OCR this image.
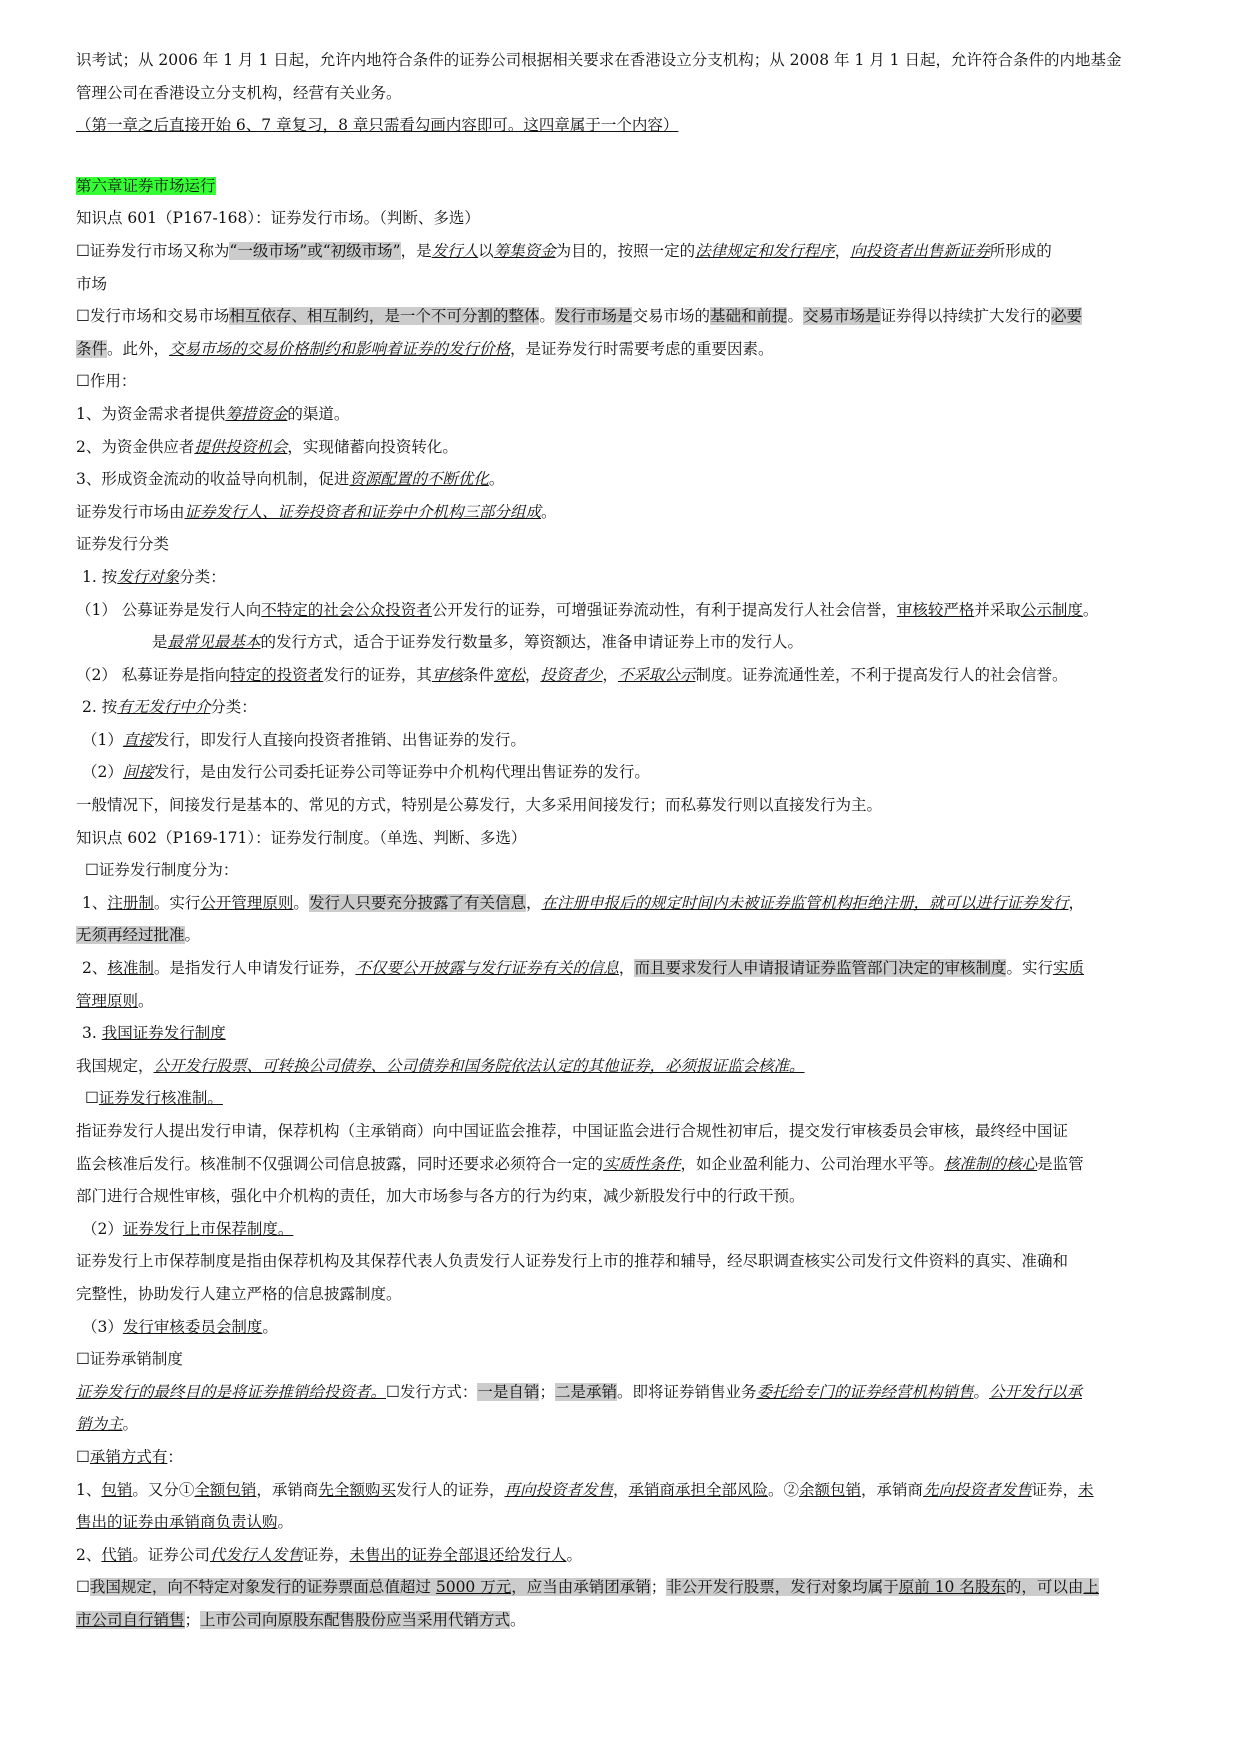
识考试；从 2006 年 1 月 1 日起，允许内地符合条件的证券公司根据相关要求在香港设立分支机构；从 2008 年 1 月 1 日起，允许符合条件的内地基金
管理公司在香港设立分支机构，经营有关业务。
（第一章之后直接开始 6、7 章复习，8 章只需看勾画内容即可。这四章属于一个内容）
第六章证券市场运行
知识点 601（P167-168）：证券发行市场。（判断、多选）
☐证券发行市场又称为“一级市场”或“初级市场”，是发行人以筹集资金为目的，按照一定的法律规定和发行程序，向投资者出售新证券所形成的
市场
☐发行市场和交易市场相互依存、相互制约，是一个不可分割的整体。发行市场是交易市场的基础和前提。交易市场是证券得以持续扩大发行的必要
条件。此外，交易市场的交易价格制约和影响着证券的发行价格，是证券发行时需要考虑的重要因素。
☐作用：
1、为资金需求者提供筹措资金的渠道。
2、为资金供应者提供投资机会，实现储蓄向投资转化。
3、形成资金流动的收益导向机制，促进资源配置的不断优化。
证券发行市场由证券发行人、证券投资者和证券中介机构三部分组成。
证券发行分类
1. 按发行对象分类：
（1） 公募证券是发行人向不特定的社会公众投资者公开发行的证券，可增强证券流动性，有利于提高发行人社会信誉，审核较严格并采取公示制度。
是最常见最基本的发行方式，适合于证券发行数量多，筹资额达，准备申请证券上市的发行人。
（2） 私募证券是指向特定的投资者发行的证券，其审核条件宽松，投资者少，不采取公示制度。证券流通性差，不利于提高发行人的社会信誉。
2. 按有无发行中介分类：
（1）直接发行，即发行人直接向投资者推销、出售证券的发行。
（2）间接发行，是由发行公司委托证券公司等证券中介机构代理出售证券的发行。
一般情况下，间接发行是基本的、常见的方式，特别是公募发行，大多采用间接发行；而私募发行则以直接发行为主。
知识点 602（P169-171）：证券发行制度。（单选、判断、多选）
☐证券发行制度分为：
1、注册制。实行公开管理原则。发行人只要充分披露了有关信息，在注册申报后的规定时间内未被证券监管机构拒绝注册，就可以进行证券发行，
无须再经过批准。
2、核准制。是指发行人申请发行证券，不仅要公开披露与发行证券有关的信息，而且要求发行人申请报请证券监管部门决定的审核制度。实行实质
管理原则。
3. 我国证券发行制度
我国规定，公开发行股票、可转换公司债券、公司债券和国务院依法认定的其他证券，必须报证监会核准。
☐证券发行核准制。
指证券发行人提出发行申请，保荐机构（主承销商）向中国证监会推荐，中国证监会进行合规性初审后，提交发行审核委员会审核，最终经中国证
监会核准后发行。核准制不仅强调公司信息披露，同时还要求必须符合一定的实质性条件，如企业盈利能力、公司治理水平等。核准制的核心是监管
部门进行合规性审核，强化中介机构的责任，加大市场参与各方的行为约束，减少新股发行中的行政干预。
（2）证券发行上市保荐制度。
证券发行上市保荐制度是指由保荐机构及其保荐代表人负责发行人证券发行上市的推荐和辅导，经尽职调查核实公司发行文件资料的真实、准确和
完整性，协助发行人建立严格的信息披露制度。
（3）发行审核委员会制度。
☐证券承销制度
证券发行的最终目的是将证券推销给投资者。☐发行方式：一是自销；二是承销。即将证券销售业务委托给专门的证券经营机构销售。公开发行以承
销为主。
☐承销方式有：
1、包销。又分①全额包销，承销商先全额购买发行人的证券，再向投资者发售，承销商承担全部风险。②余额包销，承销商先向投资者发售证券，未
售出的证券由承销商负责认购。
2、代销。证券公司代发行人发售证券，未售出的证券全部退还给发行人。
☐我国规定，向不特定对象发行的证券票面总值超过 5000 万元，应当由承销团承销；非公开发行股票，发行对象均属于原前 10 名股东的，可以由上
市公司自行销售；上市公司向原股东配售股份应当采用代销方式。
